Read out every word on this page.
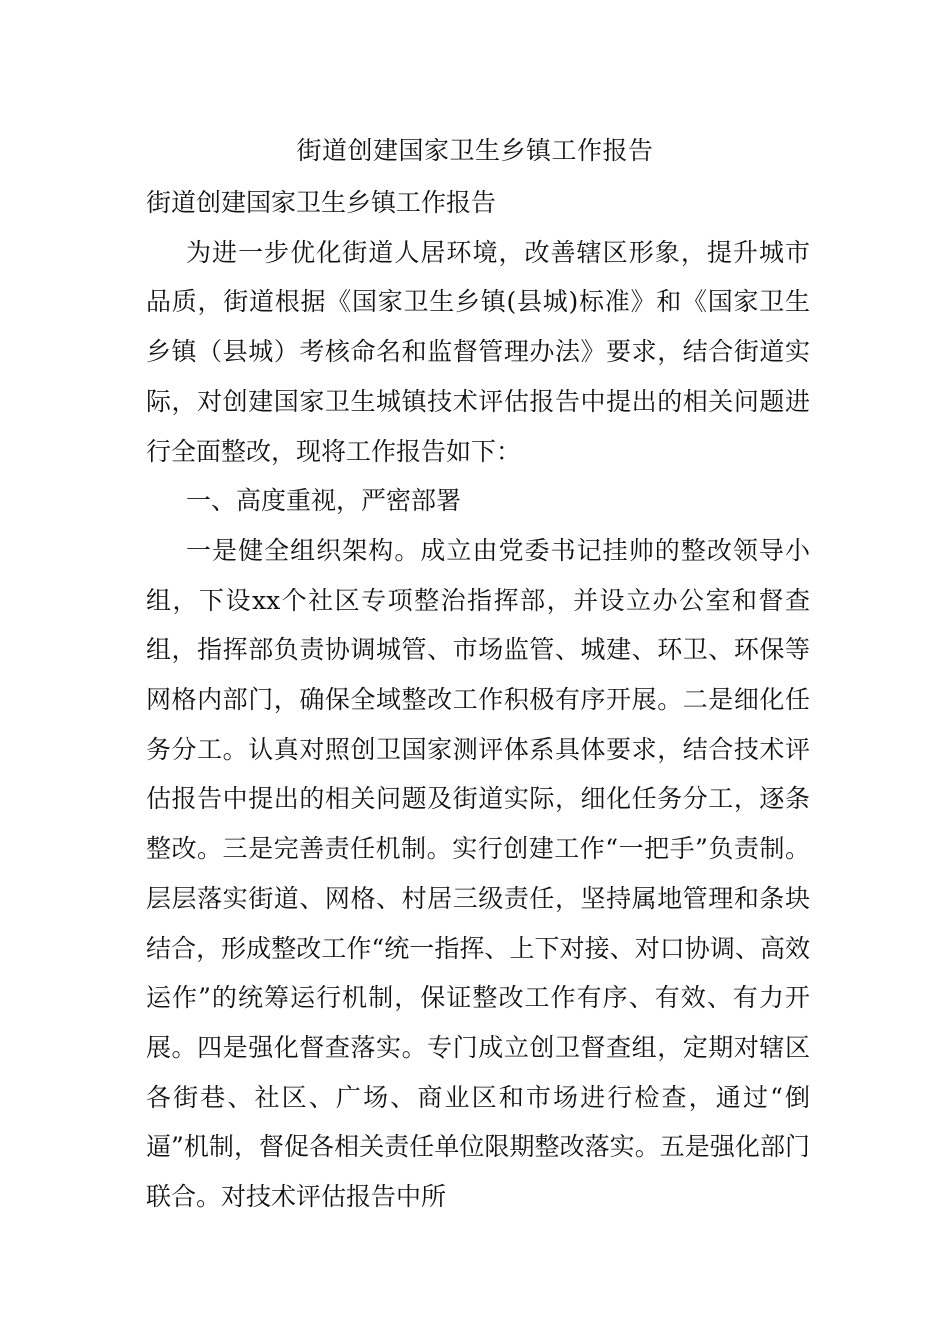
街道创建国家卫生乡镇工作报告

街道创建国家卫生乡镇工作报告

为进一步优化街道人居环境，改善辖区形象，提升城市品质，街道根据《国家卫生乡镇(县城)标准》和《国家卫生乡镇（县城）考核命名和监督管理办法》要求，结合街道实际，对创建国家卫生城镇技术评估报告中提出的相关问题进行全面整改，现将工作报告如下：

一、高度重视，严密部署

一是健全组织架构。成立由党委书记挂帅的整改领导小组，下设xx个社区专项整治指挥部，并设立办公室和督查组，指挥部负责协调城管、市场监管、城建、环卫、环保等网格内部门，确保全域整改工作积极有序开展。二是细化任务分工。认真对照创卫国家测评体系具体要求，结合技术评估报告中提出的相关问题及街道实际，细化任务分工，逐条整改。三是完善责任机制。实行创建工作“一把手”负责制。层层落实街道、网格、村居三级责任，坚持属地管理和条块结合，形成整改工作“统一指挥、上下对接、对口协调、高效运作”的统筹运行机制，保证整改工作有序、有效、有力开展。四是强化督查落实。专门成立创卫督查组，定期对辖区各街巷、社区、广场、商业区和市场进行检查，通过“倒逼”机制，督促各相关责任单位限期整改落实。五是强化部门联合。对技术评估报告中所
